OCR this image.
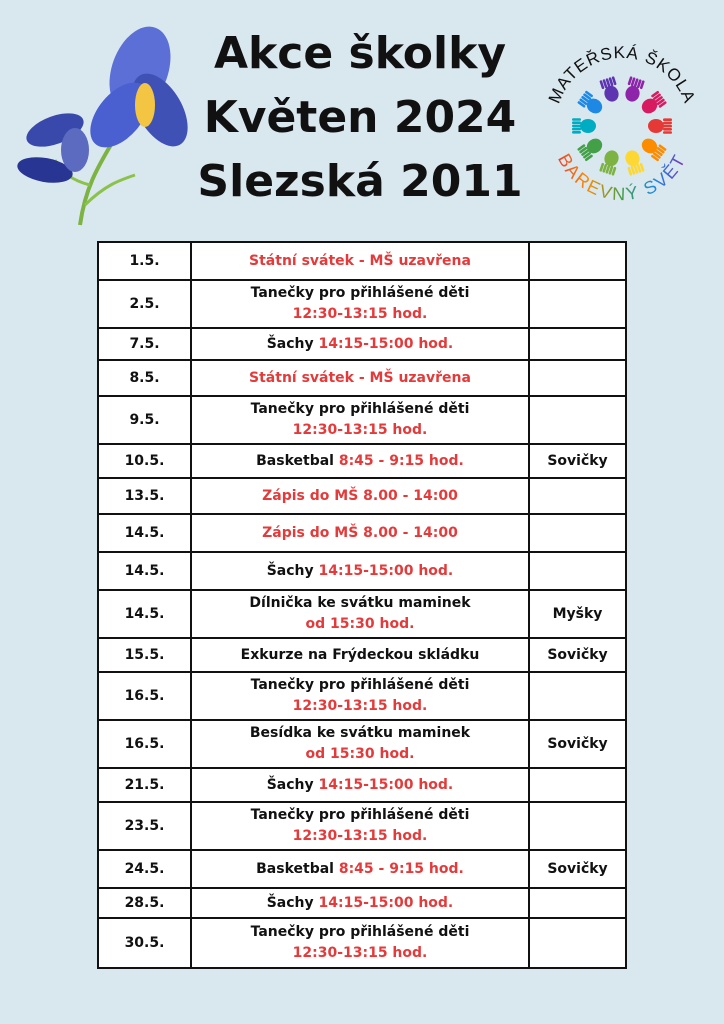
Akce školky
Květen 2024
Slezská 2011
MATEŘSKÁ ŠKOLA
BAREVNÝ SVĚT
1.5.	Státní svátek - MŠ uzavřena	
2.5.	Tanečky pro přihlášené děti
12:30-13:15 hod.	
7.5.	Šachy 14:15-15:00 hod.	
8.5.	Státní svátek - MŠ uzavřena	
9.5.	Tanečky pro přihlášené děti
12:30-13:15 hod.	
10.5.	Basketbal 8:45 - 9:15 hod.	Sovičky
13.5.	Zápis do MŠ 8.00 - 14:00	
14.5.	Zápis do MŠ 8.00 - 14:00	
14.5.	Šachy 14:15-15:00 hod.	
14.5.	Dílnička ke svátku maminek
od 15:30 hod.	Myšky
15.5.	Exkurze na Frýdeckou skládku	Sovičky
16.5.	Tanečky pro přihlášené děti
12:30-13:15 hod.	
16.5.	Besídka ke svátku maminek
od 15:30 hod.	Sovičky
21.5.	Šachy 14:15-15:00 hod.	
23.5.	Tanečky pro přihlášené děti
12:30-13:15 hod.	
24.5.	Basketbal 8:45 - 9:15 hod.	Sovičky
28.5.	Šachy 14:15-15:00 hod.	
30.5.	Tanečky pro přihlášené děti
12:30-13:15 hod.	
